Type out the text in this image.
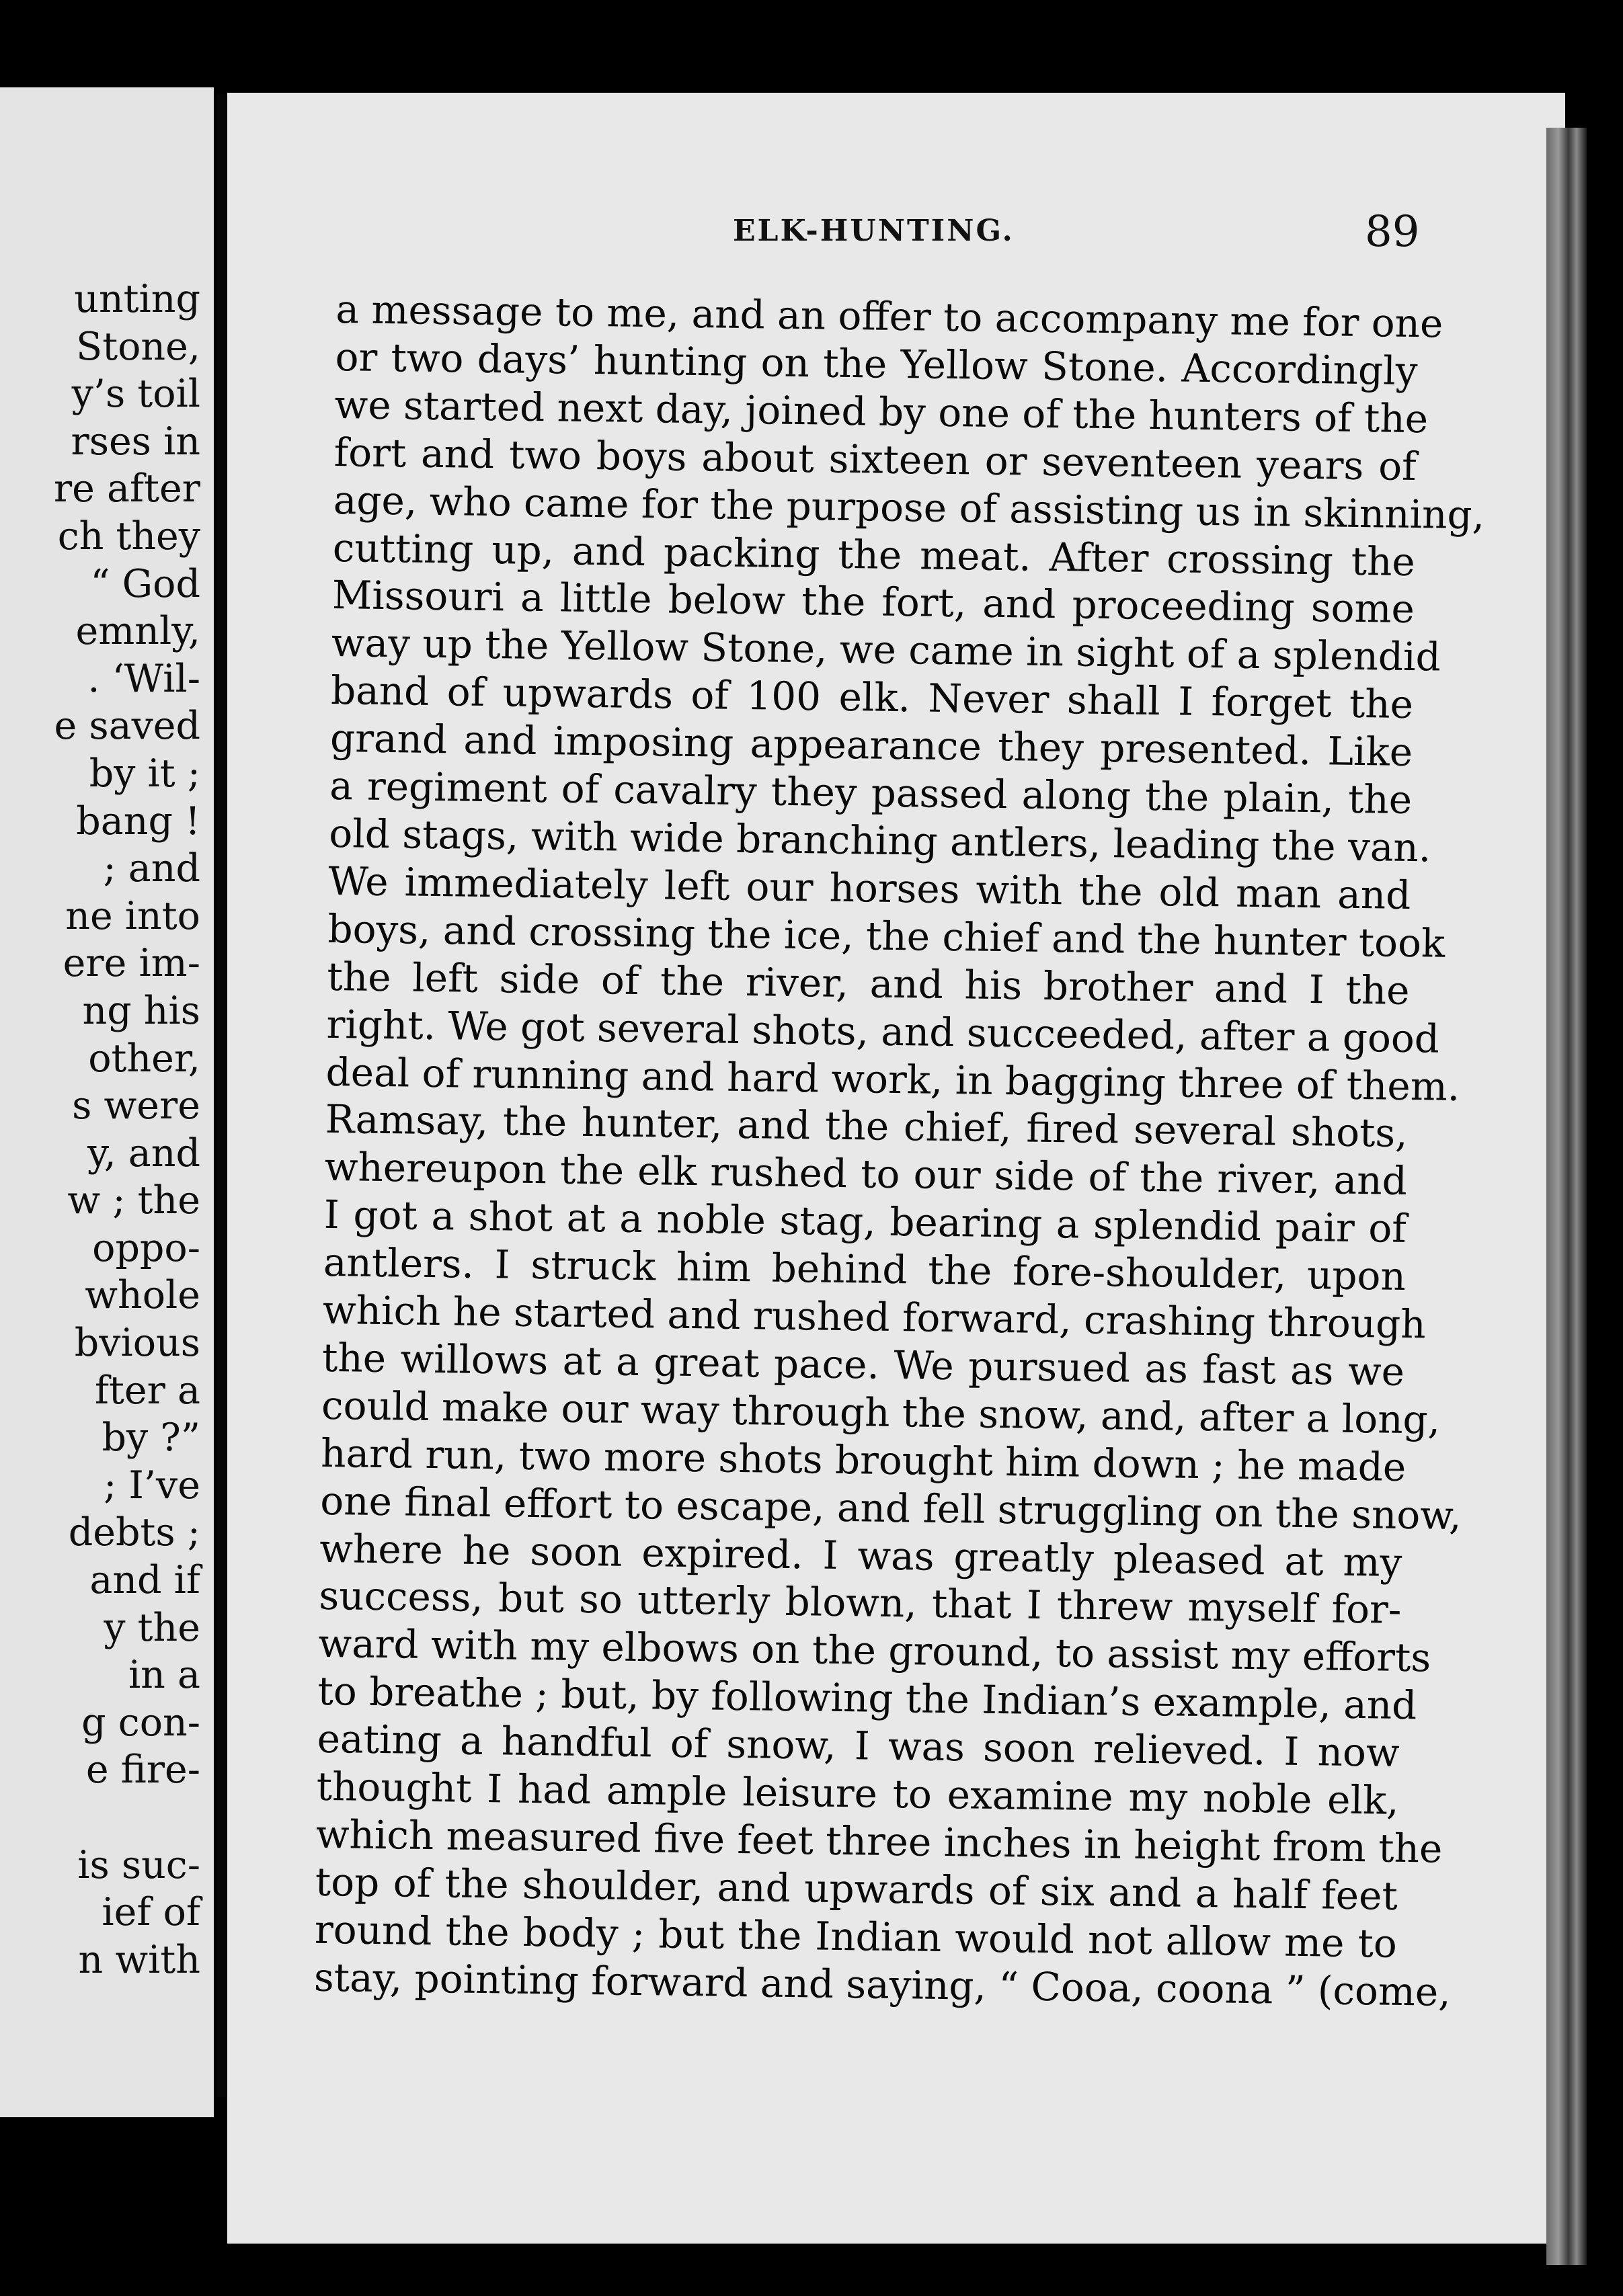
unting
Stone,
y’s toil
rses in
re after
ch they
“ God
emnly,
. ‘Wil-
e saved
by it ;
bang !
; and
ne into
ere im-
ng his
other,
s were
y, and
w ; the
oppo-
whole
bvious
fter a
by ?”
; I’ve
debts ;
and if
y the
in a
g con-
e fire-
is suc-
ief of
n with
ELK-HUNTING.	89
a message to me, and an offer to accompany me for one
or two days’ hunting on the Yellow Stone. Accordingly
we started next day, joined by one of the hunters of the
fort and two boys about sixteen or seventeen years of
age, who came for the purpose of assisting us in skinning,
cutting up, and packing the meat. After crossing the
Missouri a little below the fort, and proceeding some
way up the Yellow Stone, we came in sight of a splendid
band of upwards of 100 elk. Never shall I forget the
grand and imposing appearance they presented. Like
a regiment of cavalry they passed along the plain, the
old stags, with wide branching antlers, leading the van.
We immediately left our horses with the old man and
boys, and crossing the ice, the chief and the hunter took
the left side of the river, and his brother and I the
right. We got several shots, and succeeded, after a good
deal of running and hard work, in bagging three of them.
Ramsay, the hunter, and the chief, fired several shots,
whereupon the elk rushed to our side of the river, and
I got a shot at a noble stag, bearing a splendid pair of
antlers. I struck him behind the fore-shoulder, upon
which he started and rushed forward, crashing through
the willows at a great pace. We pursued as fast as we
could make our way through the snow, and, after a long,
hard run, two more shots brought him down ; he made
one final effort to escape, and fell struggling on the snow,
where he soon expired. I was greatly pleased at my
success, but so utterly blown, that I threw myself for-
ward with my elbows on the ground, to assist my efforts
to breathe ; but, by following the Indian’s example, and
eating a handful of snow, I was soon relieved. I now
thought I had ample leisure to examine my noble elk,
which measured five feet three inches in height from the
top of the shoulder, and upwards of six and a half feet
round the body ; but the Indian would not allow me to
stay, pointing forward and saying, “ Cooa, coona ” (come,
